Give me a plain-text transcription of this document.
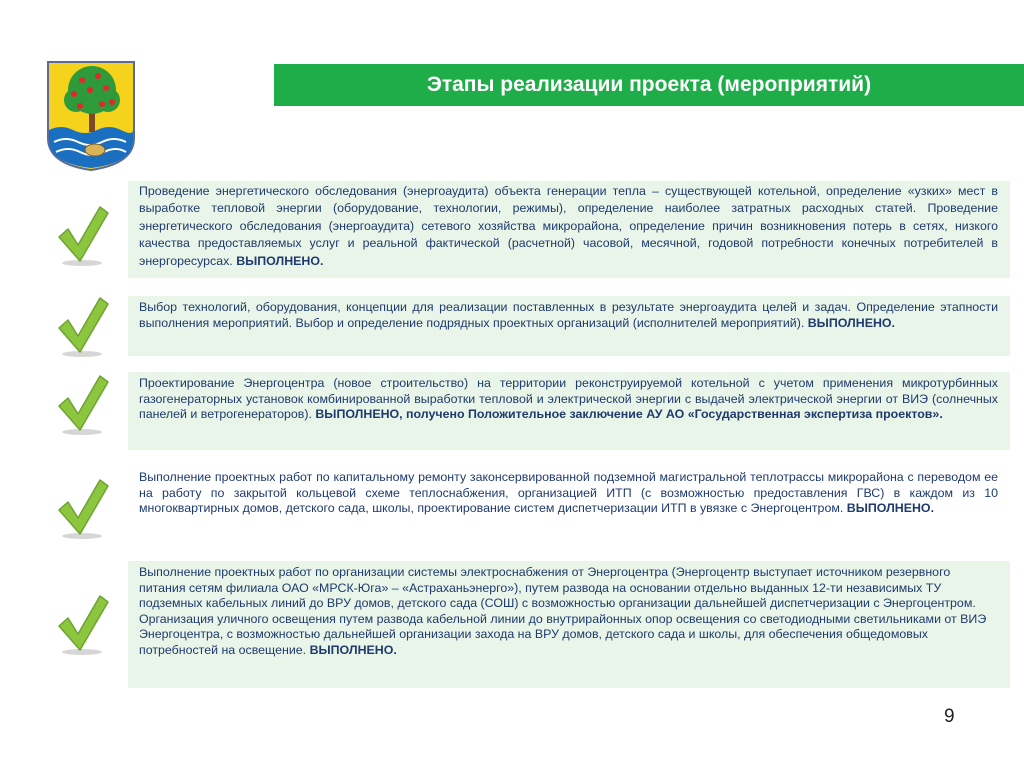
Этапы реализации проекта (мероприятий)
Проведение энергетического обследования (энергоаудита) объекта генерации тепла – существующей котельной, определение «узких» мест в выработке тепловой энергии (оборудование, технологии, режимы), определение наиболее затратных расходных статей. Проведение энергетического обследования (энергоаудита) сетевого хозяйства микрорайона, определение причин возникновения потерь в сетях, низкого качества предоставляемых услуг и реальной фактической (расчетной) часовой, месячной, годовой потребности конечных потребителей в энергоресурсах. ВЫПОЛНЕНО.
Выбор технологий, оборудования, концепции для реализации поставленных в результате энергоаудита целей и задач. Определение этапности выполнения мероприятий. Выбор и определение подрядных проектных организаций (исполнителей мероприятий). ВЫПОЛНЕНО.
Проектирование Энергоцентра (новое строительство) на территории реконструируемой котельной с учетом применения микротурбинных газогенераторных установок комбинированной выработки тепловой и электрической энергии с выдачей электрической энергии от ВИЭ (солнечных панелей и ветрогенераторов). ВЫПОЛНЕНО, получено Положительное заключение АУ АО «Государственная экспертиза проектов».
Выполнение проектных работ по капитальному ремонту законсервированной подземной магистральной теплотрассы микрорайона с переводом ее на работу по закрытой кольцевой схеме теплоснабжения, организацией ИТП (с возможностью предоставления ГВС) в каждом из 10 многоквартирных домов, детского сада, школы, проектирование систем диспетчеризации ИТП в увязке с Энергоцентром. ВЫПОЛНЕНО.
Выполнение проектных работ по организации системы электроснабжения от Энергоцентра (Энергоцентр выступает источником резервного питания сетям филиала ОАО «МРСК-Юга» – «Астраханьэнерго»), путем развода на основании отдельно выданных 12-ти независимых ТУ подземных кабельных линий до ВРУ домов, детского сада (СОШ) с возможностью организации дальнейшей диспетчеризации с Энергоцентром. Организация уличного освещения путем развода кабельной линии до внутрирайонных опор освещения со светодиодными светильниками от ВИЭ Энергоцентра, с возможностью дальнейшей организации захода на ВРУ домов, детского сада и школы, для обеспечения общедомовых потребностей на освещение. ВЫПОЛНЕНО.
9
